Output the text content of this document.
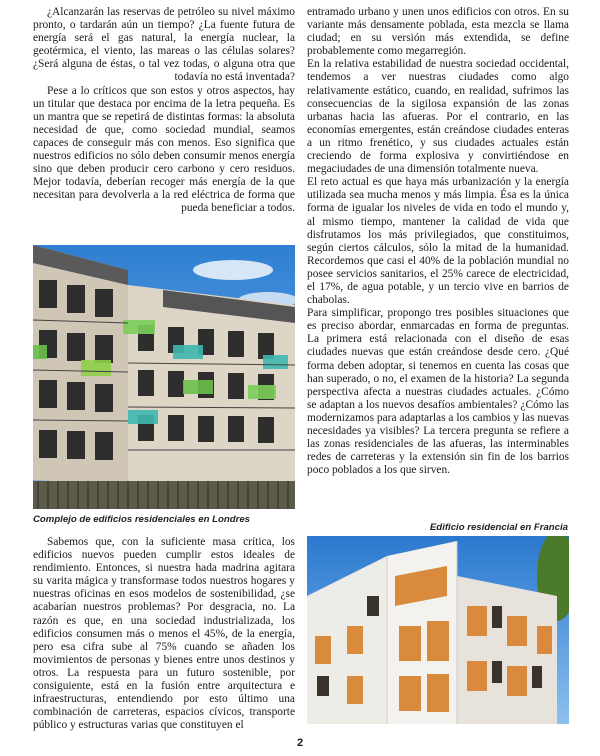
¿Alcanzarán las reservas de petróleo su nivel máximo pronto, o tardarán aún un tiempo? ¿La fuente futura de energía será el gas natural, la energía nuclear, la geotérmica, el viento, las mareas o las células solares? ¿Será alguna de éstas, o tal vez todas, o alguna otra que todavía no está inventada?

Pese a lo críticos que son estos y otros aspectos, hay un titular que destaca por encima de la letra pequeña. Es un mantra que se repetirá de distintas formas: la absoluta necesidad de que, como sociedad mundial, seamos capaces de conseguir más con menos. Eso significa que nuestros edificios no sólo deben consumir menos energía sino que deben producir cero carbono y cero residuos. Mejor todavía, deberían recoger más energía de la que necesitan para devolverla a la red eléctrica de forma que pueda beneficiar a todos.

Complejo de edificios residenciales en Londres

Sabemos que, con la suficiente masa crítica, los edificios nuevos pueden cumplir estos ideales de rendimiento. Entonces, si nuestra hada madrina agitara su varita mágica y transformase todos nuestros hogares y nuestras oficinas en esos modelos de sostenibilidad, ¿se acabarían nuestros problemas? Por desgracia, no. La razón es que, en una sociedad industrializada, los edificios consumen más o menos el 45%, de la energía, pero esa cifra sube al 75% cuando se añaden los movimientos de personas y bienes entre unos destinos y otros. La respuesta para un futuro sostenible, por consiguiente, está en la fusión entre arquitectura e infraestructuras, entendiendo por esto último una combinación de carreteras, espacios cívicos, transporte público y estructuras varias que constituyen el

entramado urbano y unen unos edificios con otros. En su variante más densamente poblada, esta mezcla se llama ciudad; en su versión más extendida, se define probablemente como megarregión.

En la relativa estabilidad de nuestra sociedad occidental, tendemos a ver nuestras ciudades como algo relativamente estático, cuando, en realidad, sufrimos las consecuencias de la sigilosa expansión de las zonas urbanas hacia las afueras. Por el contrario, en las economías emergentes, están creándose ciudades enteras a un ritmo frenético, y sus ciudades actuales están creciendo de forma explosiva y convirtiéndose en megaciudades de una dimensión totalmente nueva.

El reto actual es que haya más urbanización y la energía utilizada sea mucha menos y más limpia. Ésa es la única forma de igualar los niveles de vida en todo el mundo y, al mismo tiempo, mantener la calidad de vida que disfrutamos los más privilegiados, que constituimos, según ciertos cálculos, sólo la mitad de la humanidad. Recordemos que casi el 40% de la población mundial no posee servicios sanitarios, el 25% carece de electricidad, el 17%, de agua potable, y un tercio vive en barrios de chabolas.

Para simplificar, propongo tres posibles situaciones que es preciso abordar, enmarcadas en forma de preguntas. La primera está relacionada con el diseño de esas ciudades nuevas que están creándose desde cero. ¿Qué forma deben adoptar, si tenemos en cuenta las cosas que han superado, o no, el examen de la historia? La segunda perspectiva afecta a nuestras ciudades actuales. ¿Cómo se adaptan a los nuevos desafíos ambientales? ¿Cómo las modernizamos para adaptarlas a los cambios y las nuevas necesidades ya visibles? La tercera pregunta se refiere a las zonas residenciales de las afueras, las interminables redes de carreteras y la extensión sin fin de los barrios poco poblados a los que sirven.

Edificio residencial en Francia
2
